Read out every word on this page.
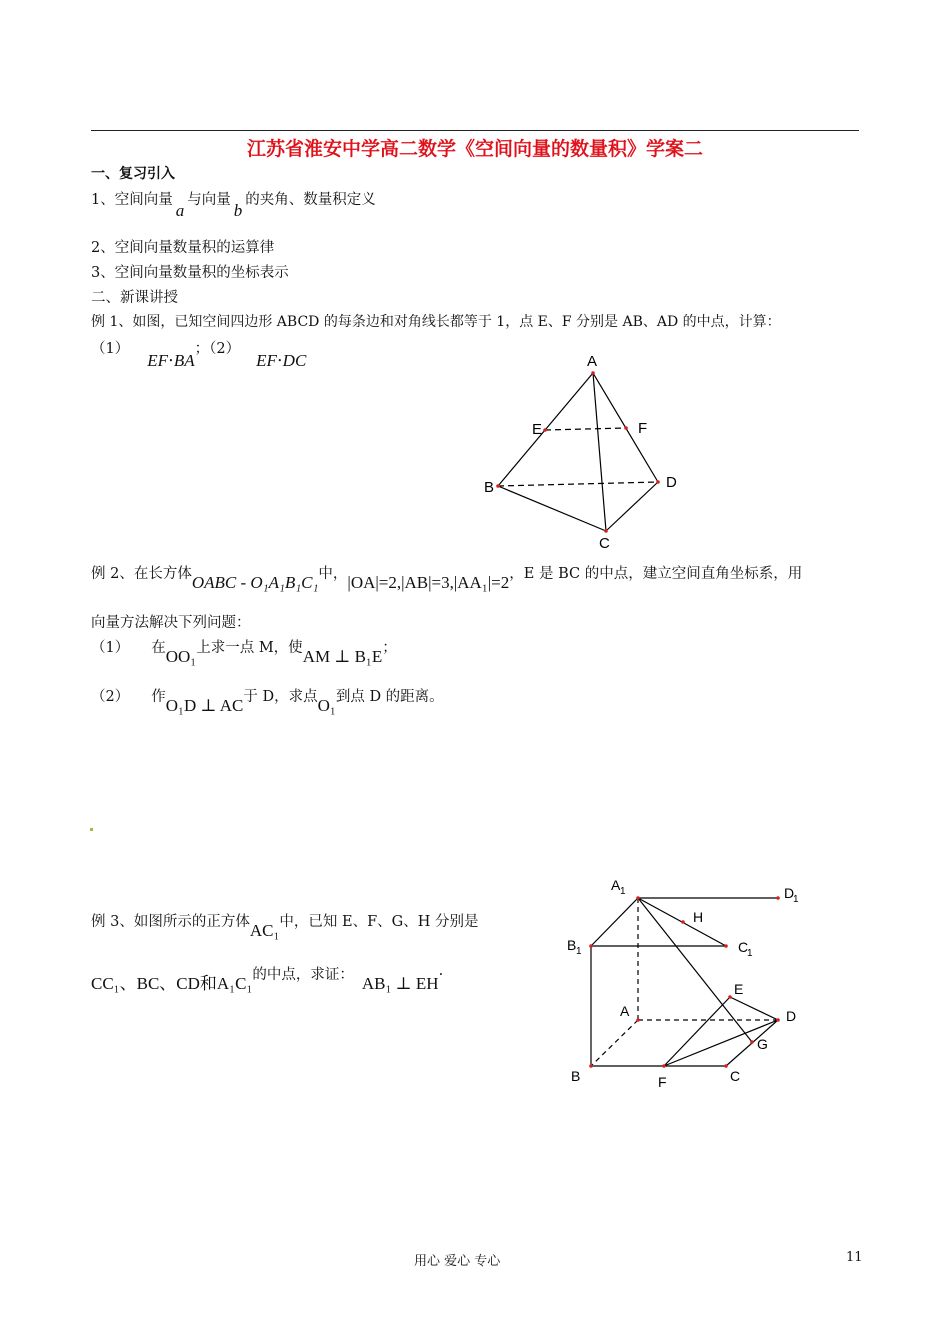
江苏省淮安中学高二数学《空间向量的数量积》学案二
一、复习引入
1、空间向量a与向量b的夹角、数量积定义
2、空间向量数量积的运算律
3、空间向量数量积的坐标表示
二、新课讲授
例 1、如图，已知空间四边形 ABCD 的每条边和对角线长都等于 1，点 E、F 分别是 AB、AD 的中点，计算：
（1）EF⋅BA；（2）EF⋅DC	A
B
C
D
E	F
例 2、在长方体OABC - O₁A₁B₁C₁中，|OA|=2,|AB|=3,|AA₁|=2，E 是 BC 的中点，建立空间直角坐标系，用
向量方法解决下列问题：
（1） 在OO₁上求一点 M，使AM ⊥ B₁E；
（2） 作O₁D ⊥ AC于 D，求点O₁到点 D 的距离。
例 3、如图所示的正方体AC₁中，已知 E、F、G、H 分别是
CC₁、BC、CD和A₁C₁的中点，求证： AB₁ ⊥ EH·
A 1	D
1
B 1	C
1
H
A	D
E
G
B	F	C
用心 爱心 专心	11
